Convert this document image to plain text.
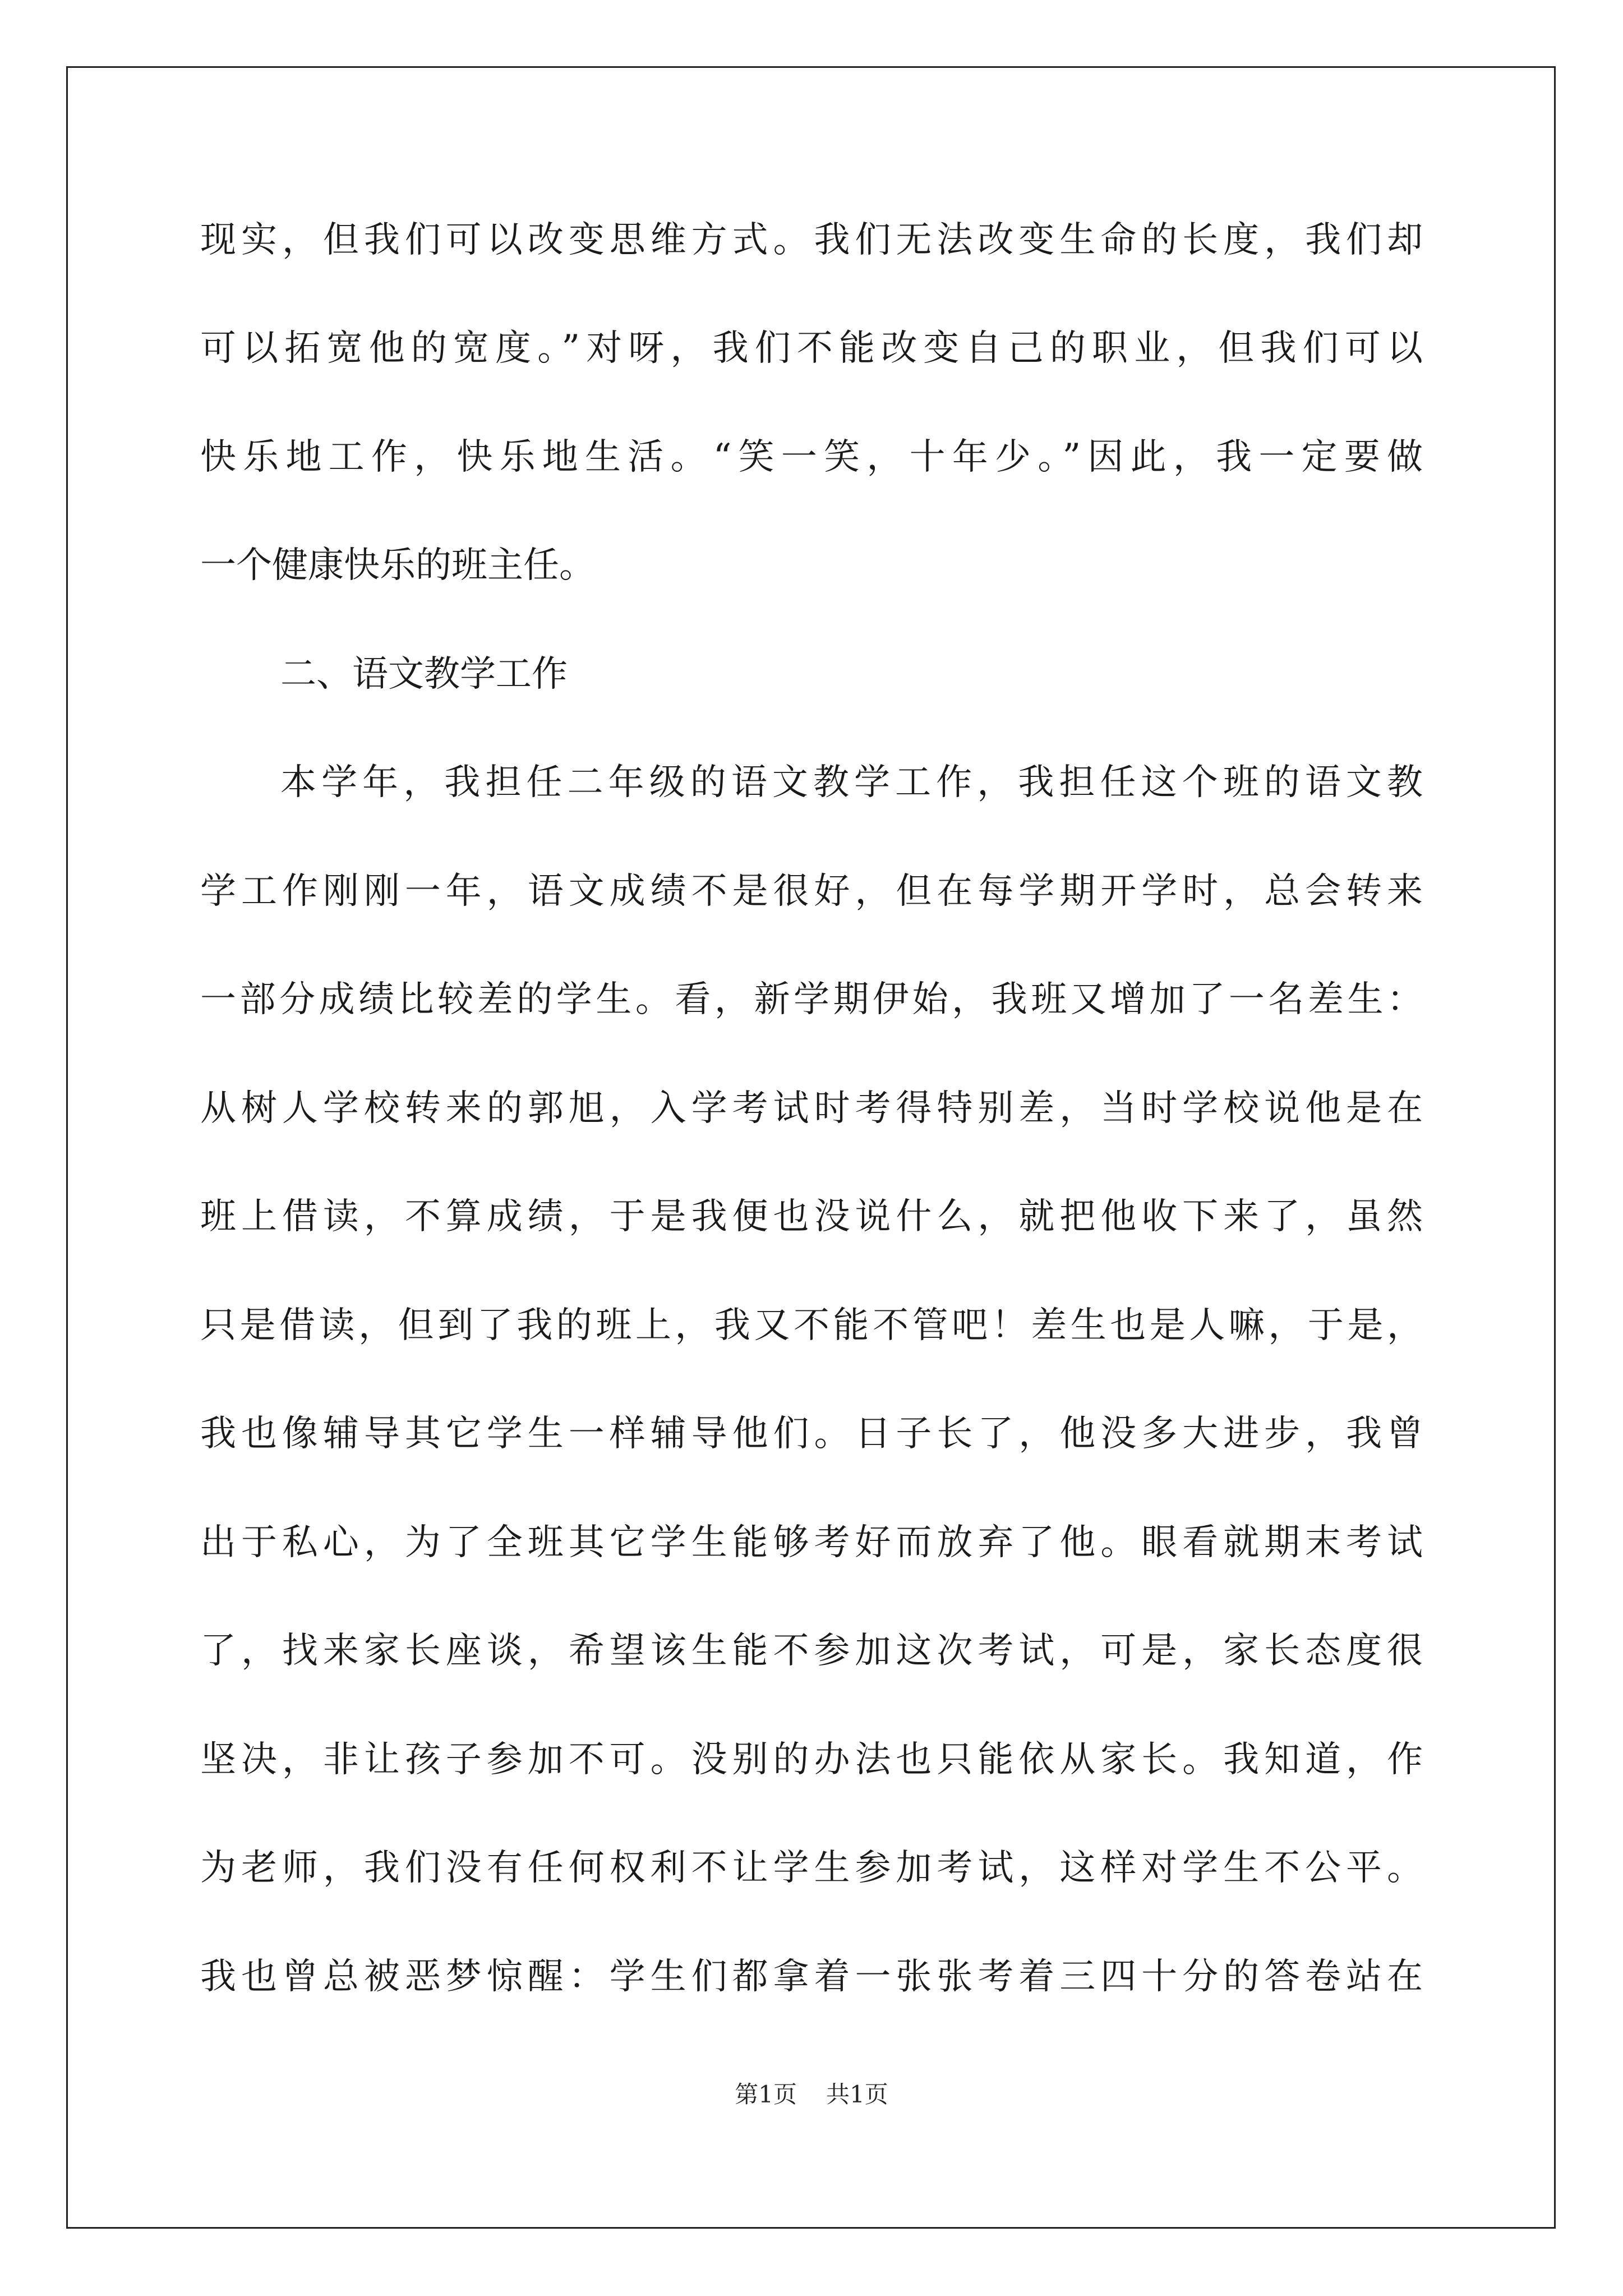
现实，但我们可以改变思维方式。我们无法改变生命的长度，我们却
可以拓宽他的宽度。”对呀，我们不能改变自己的职业，但我们可以
快乐地工作，快乐地生活。“笑一笑，十年少。”因此，我一定要做
一个健康快乐的班主任。
二、语文教学工作
本学年，我担任二年级的语文教学工作，我担任这个班的语文教
学工作刚刚一年，语文成绩不是很好，但在每学期开学时，总会转来
一部分成绩比较差的学生。看，新学期伊始，我班又增加了一名差生：
从树人学校转来的郭旭，入学考试时考得特别差，当时学校说他是在
班上借读，不算成绩，于是我便也没说什么，就把他收下来了，虽然
只是借读，但到了我的班上，我又不能不管吧！差生也是人嘛，于是，
我也像辅导其它学生一样辅导他们。日子长了，他没多大进步，我曾
出于私心，为了全班其它学生能够考好而放弃了他。眼看就期末考试
了，找来家长座谈，希望该生能不参加这次考试，可是，家长态度很
坚决，非让孩子参加不可。没别的办法也只能依从家长。我知道，作
为老师，我们没有任何权利不让学生参加考试，这样对学生不公平。
我也曾总被恶梦惊醒：学生们都拿着一张张考着三四十分的答卷站在
第1页 共1页
